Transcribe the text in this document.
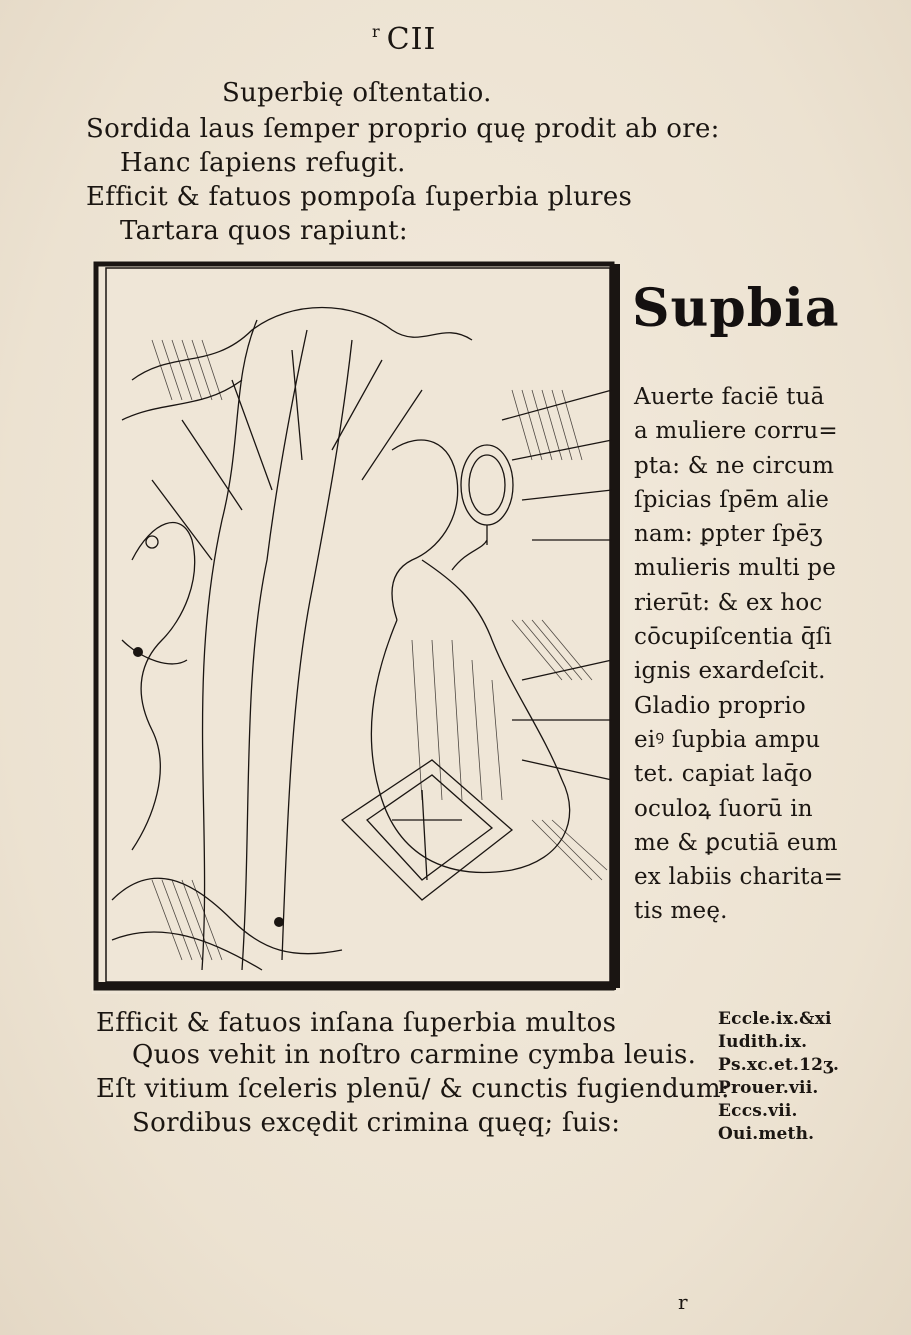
$^r$ CII
Superbię oſtentatio.
Sordida laus ſemper proprio quę prodit ab ore:
Hanc ſapiens refugit.
Efficit & fatuos pompoſa ſuperbia plures
Tartara quos rapiunt:
Supbia
Auerte faciē tuā
a muliere corru=
pta: & ne circum
ſpicias ſpēm alie
nam: ꝑpter ſpēʒ
mulieris multi pe
rierūt: & ex hoc
cōcupiſcentia q̄ſi
ignis exardeſcit.
Gladio proprio
eiꝰ ſupbia ampu
tet. capiat laq̄o
oculoꝝ ſuorū in
me & ꝑcutiā eum
ex labiis charita=
tis meę.
Efficit & fatuos inſana ſuperbia multos
Quos vehit in noſtro carmine cymba leuis.
Eſt vitium ſceleris plenū/ & cunctis fugiendum:
Sordibus excędit crimina quęq; ſuis:
Eccle.ix.&xi
Iudith.ix.
Ps.xc.et.12ʒ.
Prouer.vii.
Eccs.vii.
Oui.meth.
r
